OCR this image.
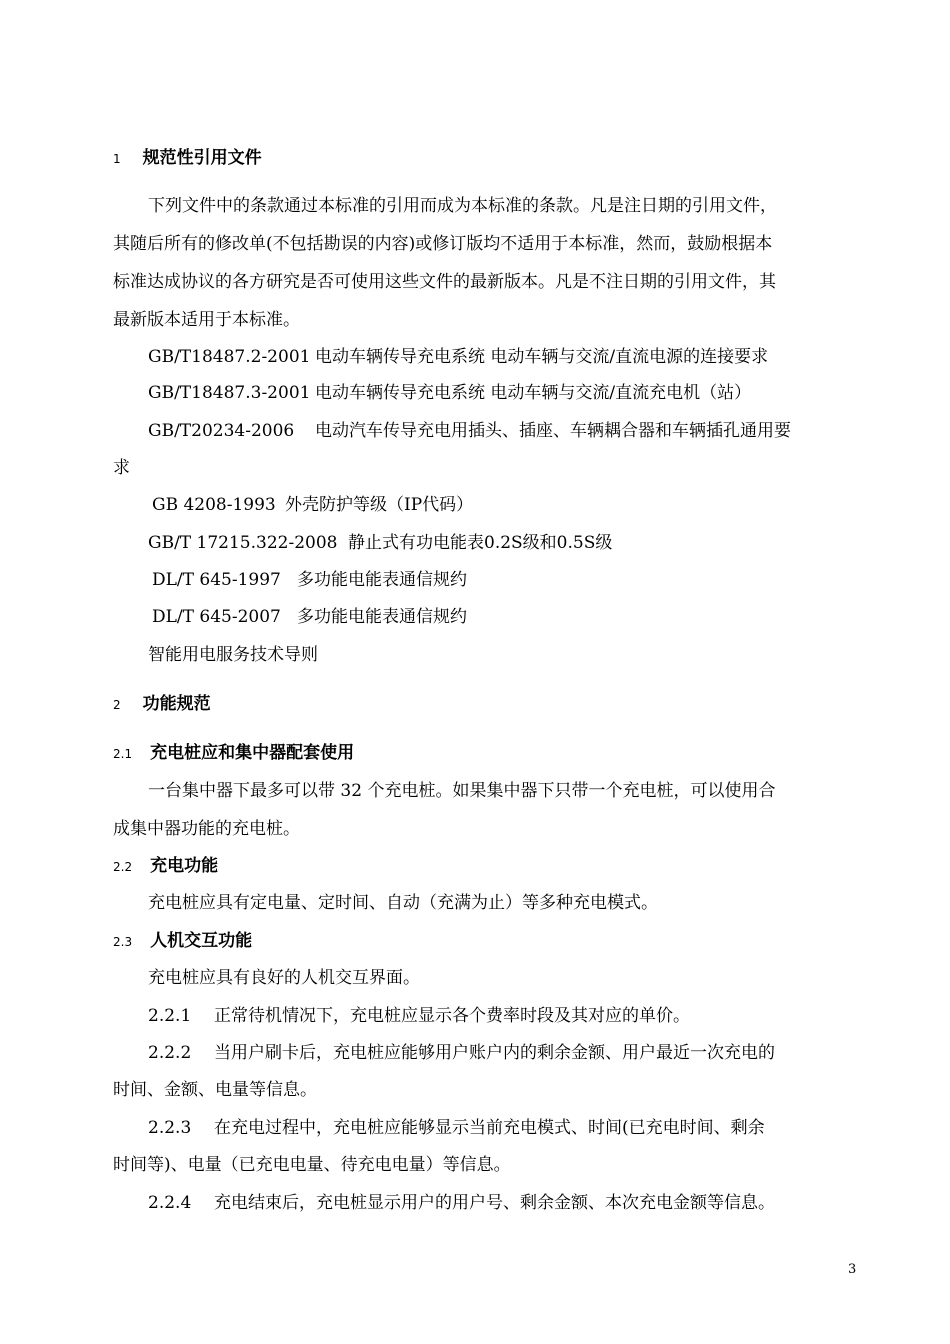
1 规范性引用文件
下列文件中的条款通过本标准的引用而成为本标准的条款。凡是注日期的引用文件，
其随后所有的修改单(不包括勘误的内容)或修订版均不适用于本标准，然而，鼓励根据本
标准达成协议的各方研究是否可使用这些文件的最新版本。凡是不注日期的引用文件，其
最新版本适用于本标准。
GB/T18487.2-2001 电动车辆传导充电系统 电动车辆与交流/直流电源的连接要求
GB/T18487.3-2001 电动车辆传导充电系统 电动车辆与交流/直流充电机（站）
GB/T20234-2006 电动汽车传导充电用插头、插座、车辆耦合器和车辆插孔通用要
求
GB 4208-1993 外壳防护等级（IP代码）
GB/T 17215.322-2008 静止式有功电能表0.2S级和0.5S级
DL/T 645-1997 多功能电能表通信规约
DL/T 645-2007 多功能电能表通信规约
智能用电服务技术导则
2 功能规范
2.1 充电桩应和集中器配套使用
一台集中器下最多可以带 32 个充电桩。如果集中器下只带一个充电桩，可以使用合
成集中器功能的充电桩。
2.2 充电功能
充电桩应具有定电量、定时间、自动（充满为止）等多种充电模式。
2.3 人机交互功能
充电桩应具有良好的人机交互界面。
2.2.1 正常待机情况下，充电桩应显示各个费率时段及其对应的单价。
2.2.2 当用户刷卡后，充电桩应能够用户账户内的剩余金额、用户最近一次充电的
时间、金额、电量等信息。
2.2.3 在充电过程中，充电桩应能够显示当前充电模式、时间(已充电时间、剩余
时间等)、电量（已充电电量、待充电电量）等信息。
2.2.4 充电结束后，充电桩显示用户的用户号、剩余金额、本次充电金额等信息。
3
